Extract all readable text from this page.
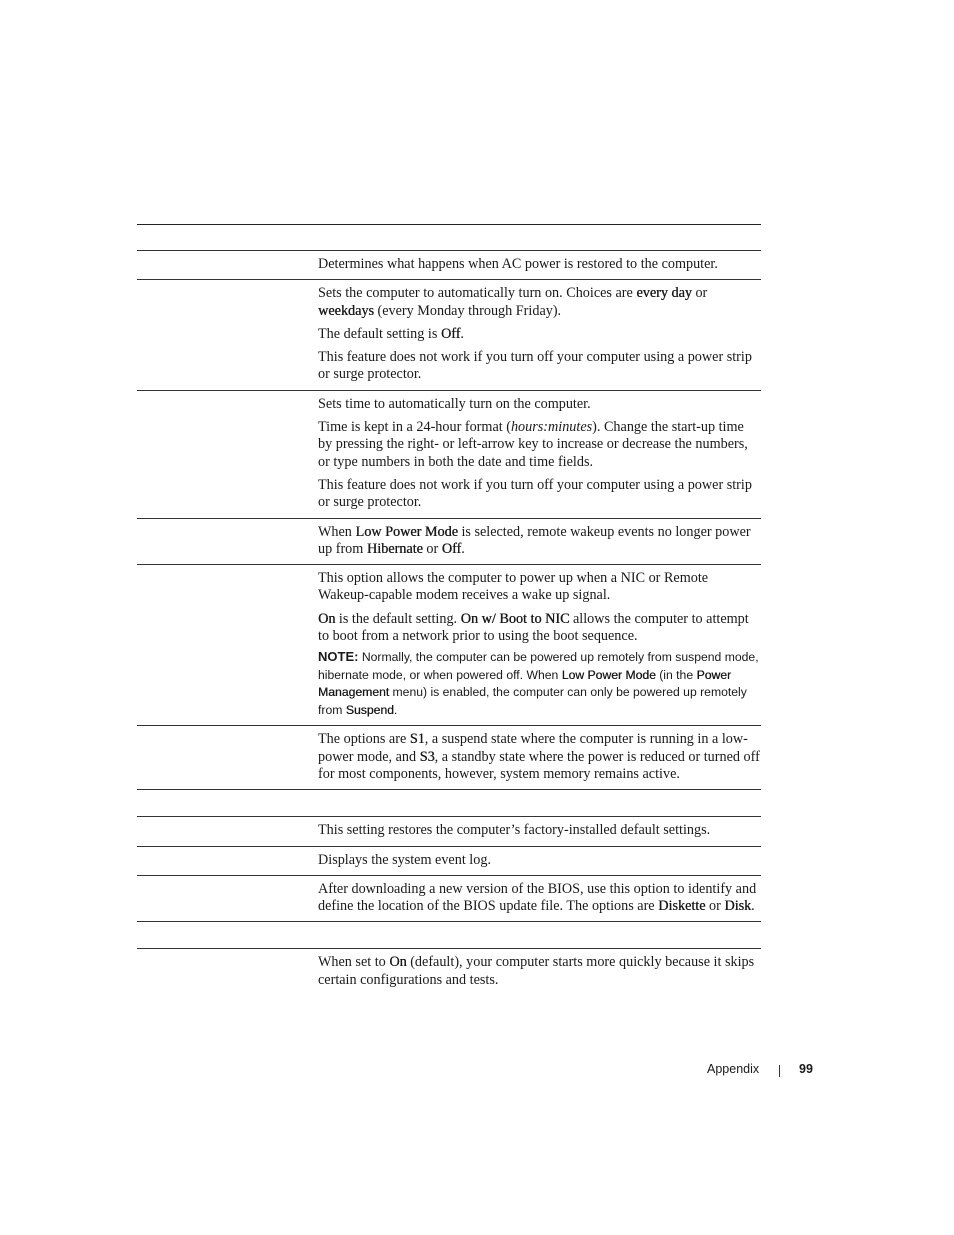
Determines what happens when AC power is restored to the computer.

Sets the computer to automatically turn on. Choices are every day or weekdays (every Monday through Friday).

The default setting is Off.

This feature does not work if you turn off your computer using a power strip or surge protector.

Sets time to automatically turn on the computer.

Time is kept in a 24-hour format (hours:minutes). Change the start-up time by pressing the right- or left-arrow key to increase or decrease the numbers, or type numbers in both the date and time fields.

This feature does not work if you turn off your computer using a power strip or surge protector.

When Low Power Mode is selected, remote wakeup events no longer power up from Hibernate or Off.

This option allows the computer to power up when a NIC or Remote Wakeup-capable modem receives a wake up signal.

On is the default setting. On w/ Boot to NIC allows the computer to attempt to boot from a network prior to using the boot sequence.

NOTE: Normally, the computer can be powered up remotely from suspend mode, hibernate mode, or when powered off. When Low Power Mode (in the Power Management menu) is enabled, the computer can only be powered up remotely from Suspend.

The options are S1, a suspend state where the computer is running in a low-power mode, and S3, a standby state where the power is reduced or turned off for most components, however, system memory remains active.

This setting restores the computer’s factory-installed default settings.

Displays the system event log.

After downloading a new version of the BIOS, use this option to identify and define the location of the BIOS update file. The options are Diskette or Disk.

When set to On (default), your computer starts more quickly because it skips certain configurations and tests.

Appendix	99
